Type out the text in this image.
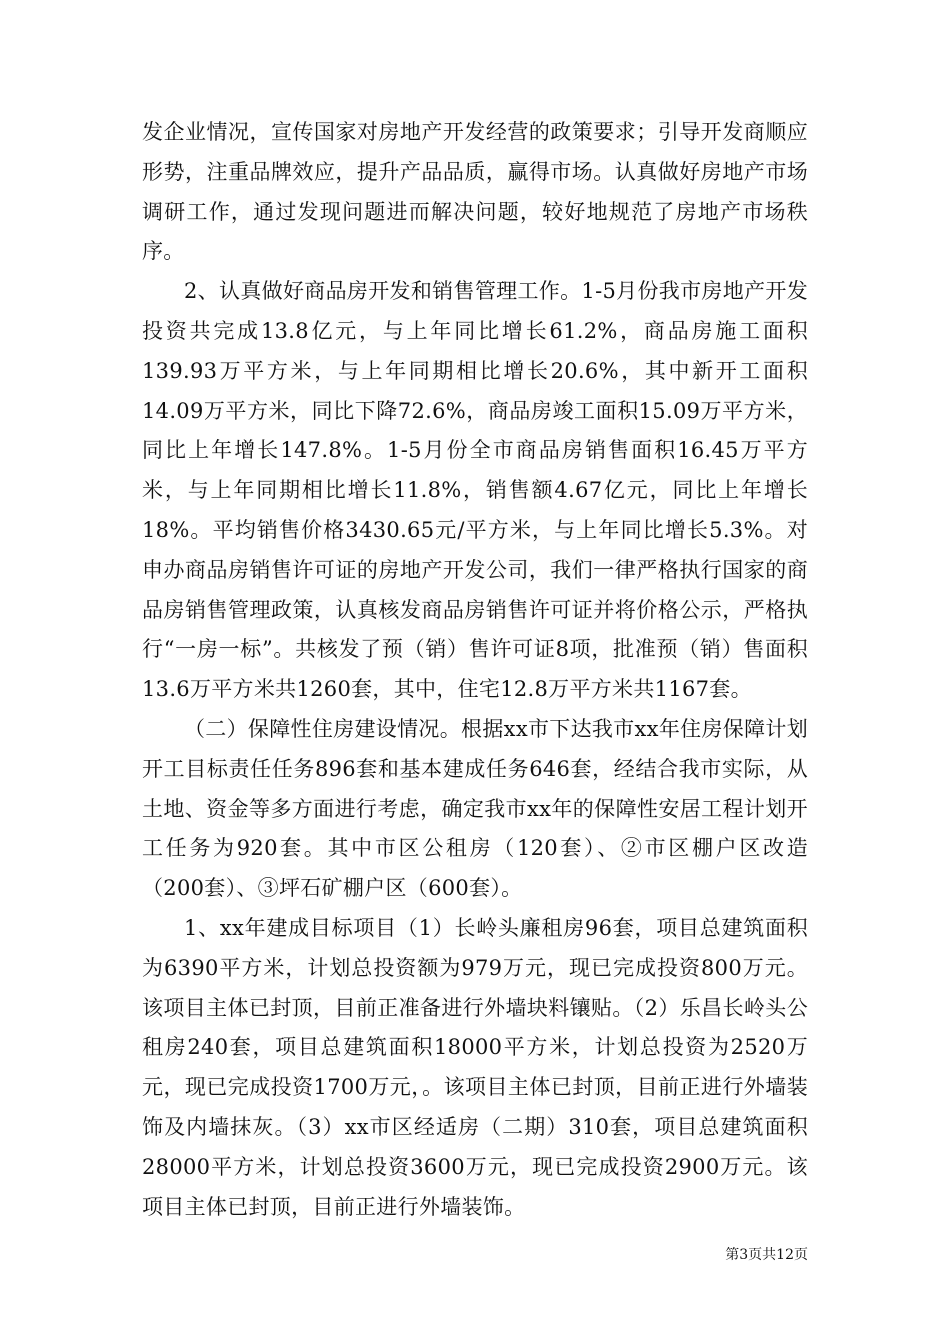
发企业情况，宣传国家对房地产开发经营的政策要求；引导开发商顺应形势，注重品牌效应，提升产品品质，赢得市场。认真做好房地产市场调研工作，通过发现问题进而解决问题，较好地规范了房地产市场秩序。

2、认真做好商品房开发和销售管理工作。1-5月份我市房地产开发投资共完成13.8亿元，与上年同比增长61.2%，商品房施工面积139.93万平方米，与上年同期相比增长20.6%，其中新开工面积14.09万平方米，同比下降72.6%，商品房竣工面积15.09万平方米，同比上年增长147.8%。1-5月份全市商品房销售面积16.45万平方米，与上年同期相比增长11.8%，销售额4.67亿元，同比上年增长18%。平均销售价格3430.65元/平方米，与上年同比增长5.3%。对申办商品房销售许可证的房地产开发公司，我们一律严格执行国家的商品房销售管理政策，认真核发商品房销售许可证并将价格公示，严格执行“一房一标”。共核发了预（销）售许可证8项，批准预（销）售面积13.6万平方米共1260套，其中，住宅12.8万平方米共1167套。

（二）保障性住房建设情况。根据xx市下达我市xx年住房保障计划开工目标责任任务896套和基本建成任务646套，经结合我市实际，从土地、资金等多方面进行考虑，确定我市xx年的保障性安居工程计划开工任务为920套。其中市区公租房（120套）、②市区棚户区改造（200套）、③坪石矿棚户区（600套）。

1、xx年建成目标项目（1）长岭头廉租房96套，项目总建筑面积为6390平方米，计划总投资额为979万元，现已完成投资800万元。该项目主体已封顶，目前正准备进行外墙块料镶贴。（2）乐昌长岭头公租房240套，项目总建筑面积18000平方米，计划总投资为2520万元，现已完成投资1700万元，。该项目主体已封顶，目前正进行外墙装饰及内墙抹灰。（3）xx市区经适房（二期）310套，项目总建筑面积28000平方米，计划总投资3600万元，现已完成投资2900万元。该项目主体已封顶，目前正进行外墙装饰。

第3页共12页
